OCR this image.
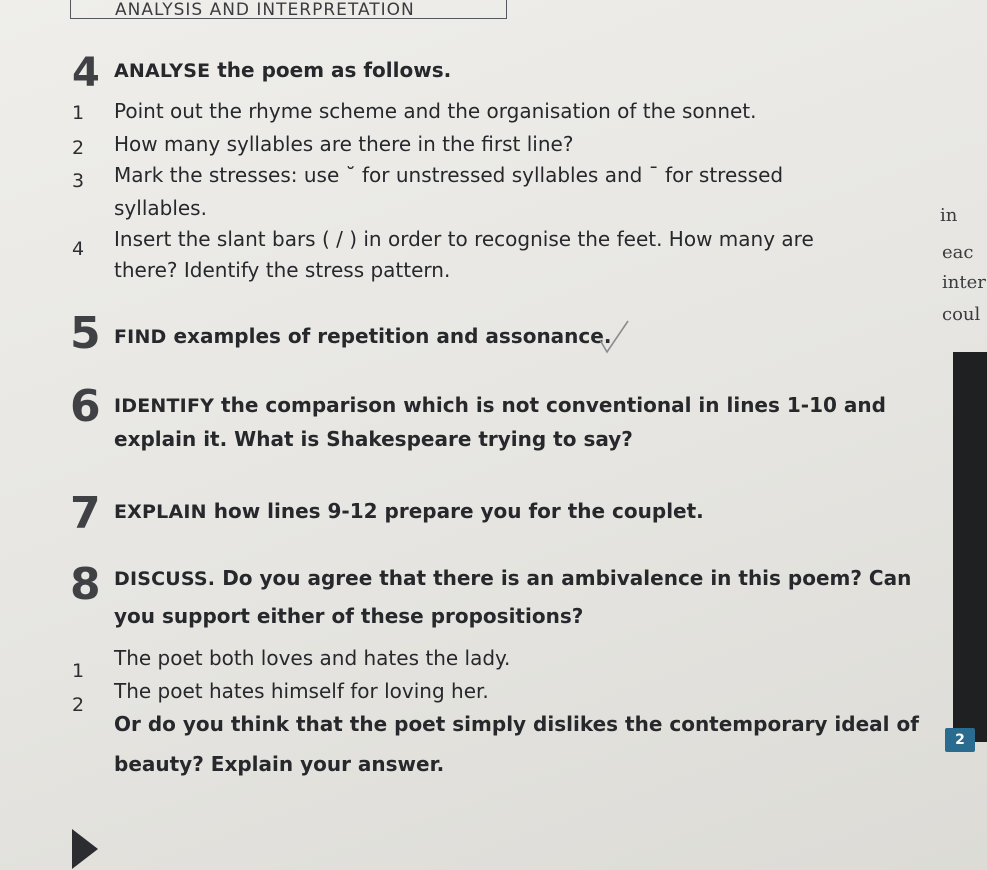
ANALYSIS AND INTERPRETATION
4 ANALYSE the poem as follows.
1 Point out the rhyme scheme and the organisation of the sonnet.
2 How many syllables are there in the first line?
3 Mark the stresses: use ˘ for unstressed syllables and ¯ for stressed
syllables.
4 Insert the slant bars ( / ) in order to recognise the feet. How many are
there? Identify the stress pattern.
5 FIND examples of repetition and assonance.
6 IDENTIFY the comparison which is not conventional in lines 1-10 and
explain it. What is Shakespeare trying to say?
7 EXPLAIN how lines 9-12 prepare you for the couplet.
8 DISCUSS. Do you agree that there is an ambivalence in this poem? Can
you support either of these propositions?
1
The poet both loves and hates the lady.
2
The poet hates himself for loving her.
Or do you think that the poet simply dislikes the contemporary ideal of
beauty? Explain your answer.
in
eac
inter
coul
2
